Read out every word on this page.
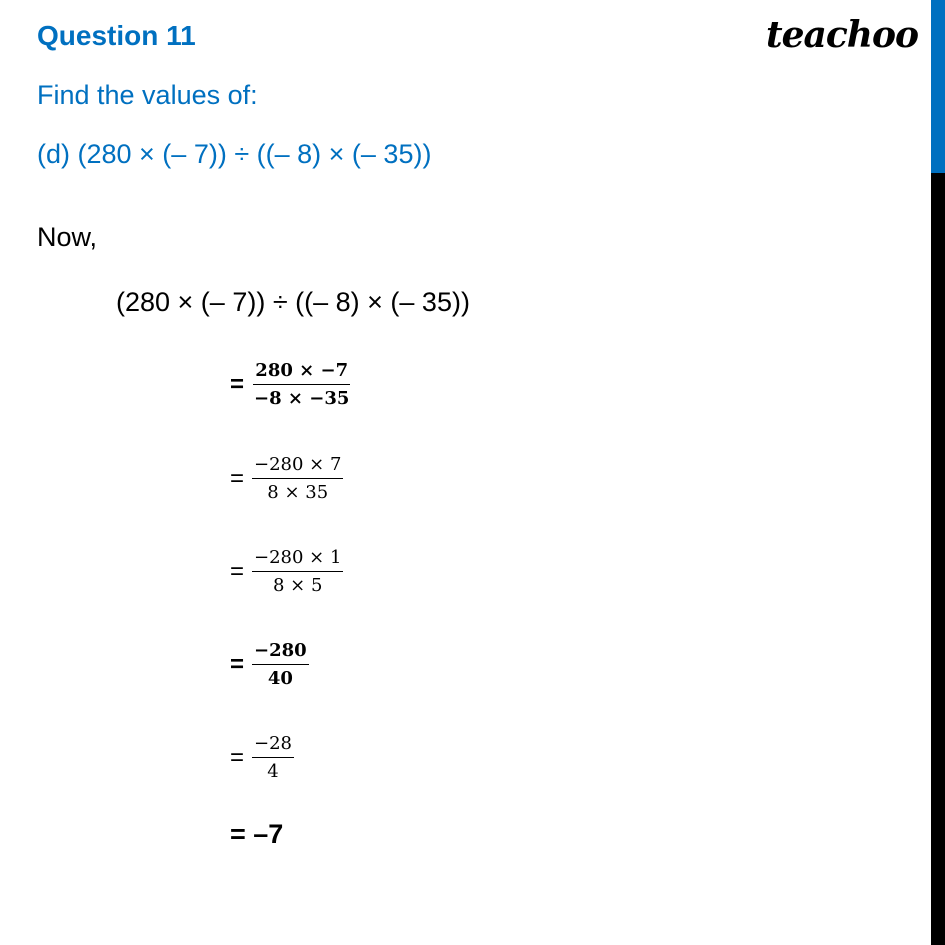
Question 11	teachoo
Find the values of:
(d) (280 × (– 7)) ÷ ((– 8) × (– 35))
Now,
(280 × (– 7)) ÷ ((– 8) × (– 35))
= $\frac{280 \times -7}{-8 \times -35}$
= $\frac{-280 \times 7}{8 \times 35}$
= $\frac{-280 \times 1}{8 \times 5}$
= $\frac{-280}{40}$
= $\frac{-28}{4}$
= –7
